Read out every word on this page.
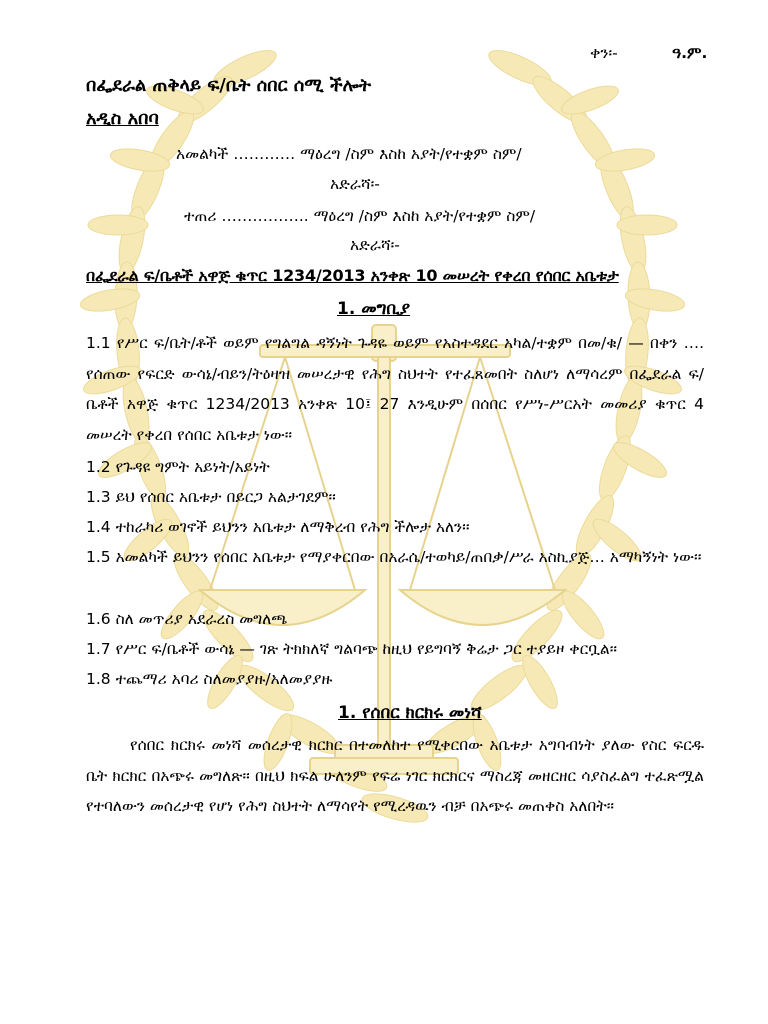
ቀን፡-	ዓ.ም.
በፌደራል ጠቅላይ ፍ/ቤት ሰበር ሰሚ ችሎት
አዲስ አበባ
አመልካች ………… ማዕረግ /ስም እስከ አያት/የተቋም ስም/
አድራሻ፡-
ተጠሪ …………….. ማዕረግ /ስም እስከ አያት/የተቋም ስም/
አድራሻ፡-
በፌደራል ፍ/ቤቶች አዋጅ ቁጥር 1234/2013 አንቀጽ 10 መሠረት የቀረበ የሰበር አቤቱታ
1. መግቢያ
1.1 የሥር ፍ/ቤት/ቶች ወይም የግልግል ዳኝነት ጉዳዬ ወይም የአስተዳደር አካል/ተቋም በመ/ቁ/ — በቀን …. የሰጠው የፍርድ ውሳኔ/ብይን/ትዕዛዝ መሠረታዊ የሕግ ስህተት የተፈጸመበት ስለሆነ ለማሳረም በፌደራል ፍ/ቤቶች አዋጅ ቁጥር 1234/2013 አንቀጽ 10፤ 27 እንዲሁም በሰበር የሥነ-ሥርአት መመሪያ ቁጥር 4 መሠረት የቀረበ የሰበር አቤቱታ ነው፡፡
1.2 የጉዳዩ ግምት አይነት/አይነት
1.3 ይህ የሰበር አቤቱታ በይርጋ አልታገደም፡፡
1.4 ተከራካሪ ወገኖች ይህንን አቤቱታ ለማቅረብ የሕግ ችሎታ አለን፡፡
1.5 አመልካች ይህንን የሰበር አቤቱታ የማያቀርበው በአራሴ/ተወካይ/ጠበቃ/ሥራ አስኪያጅ… አማካኝነት ነው፡፡
1.6 ስለ መጥሪያ አደራረስ መግለጫ
1.7 የሥር ፍ/ቤቶች ውሳኔ — ገጽ ትክክለኛ ግልባጭ ከዚህ የይግባኝ ቅሬታ ጋር ተያይዞ ቀርቧል፡፡
1.8 ተጨማሪ አባሪ ስለመያያዙ/አለመያያዙ
1. የሰበር ክርክሩ መነሻ
የሰበር ክርክሩ መነሻ መሰረታዊ ክርክር በተመለከተ የሚቀርበው አቤቱታ አግባብነት ያለው የስር ፍርዱ ቤት ክርክር በአጭሩ መግለጽ፡፡ በዚህ ክፍል ሁለንም የፍሬ ነገር ክርክርና ማስረጃ መዘርዘር ሳያስፈልግ ተፈጽሟል የተባለውን መሰረታዊ የሆነ የሕግ ስህተት ለማሳየት የሚረዳዉን ብቻ በአጭሩ መጠቀስ አለበት፡፡
